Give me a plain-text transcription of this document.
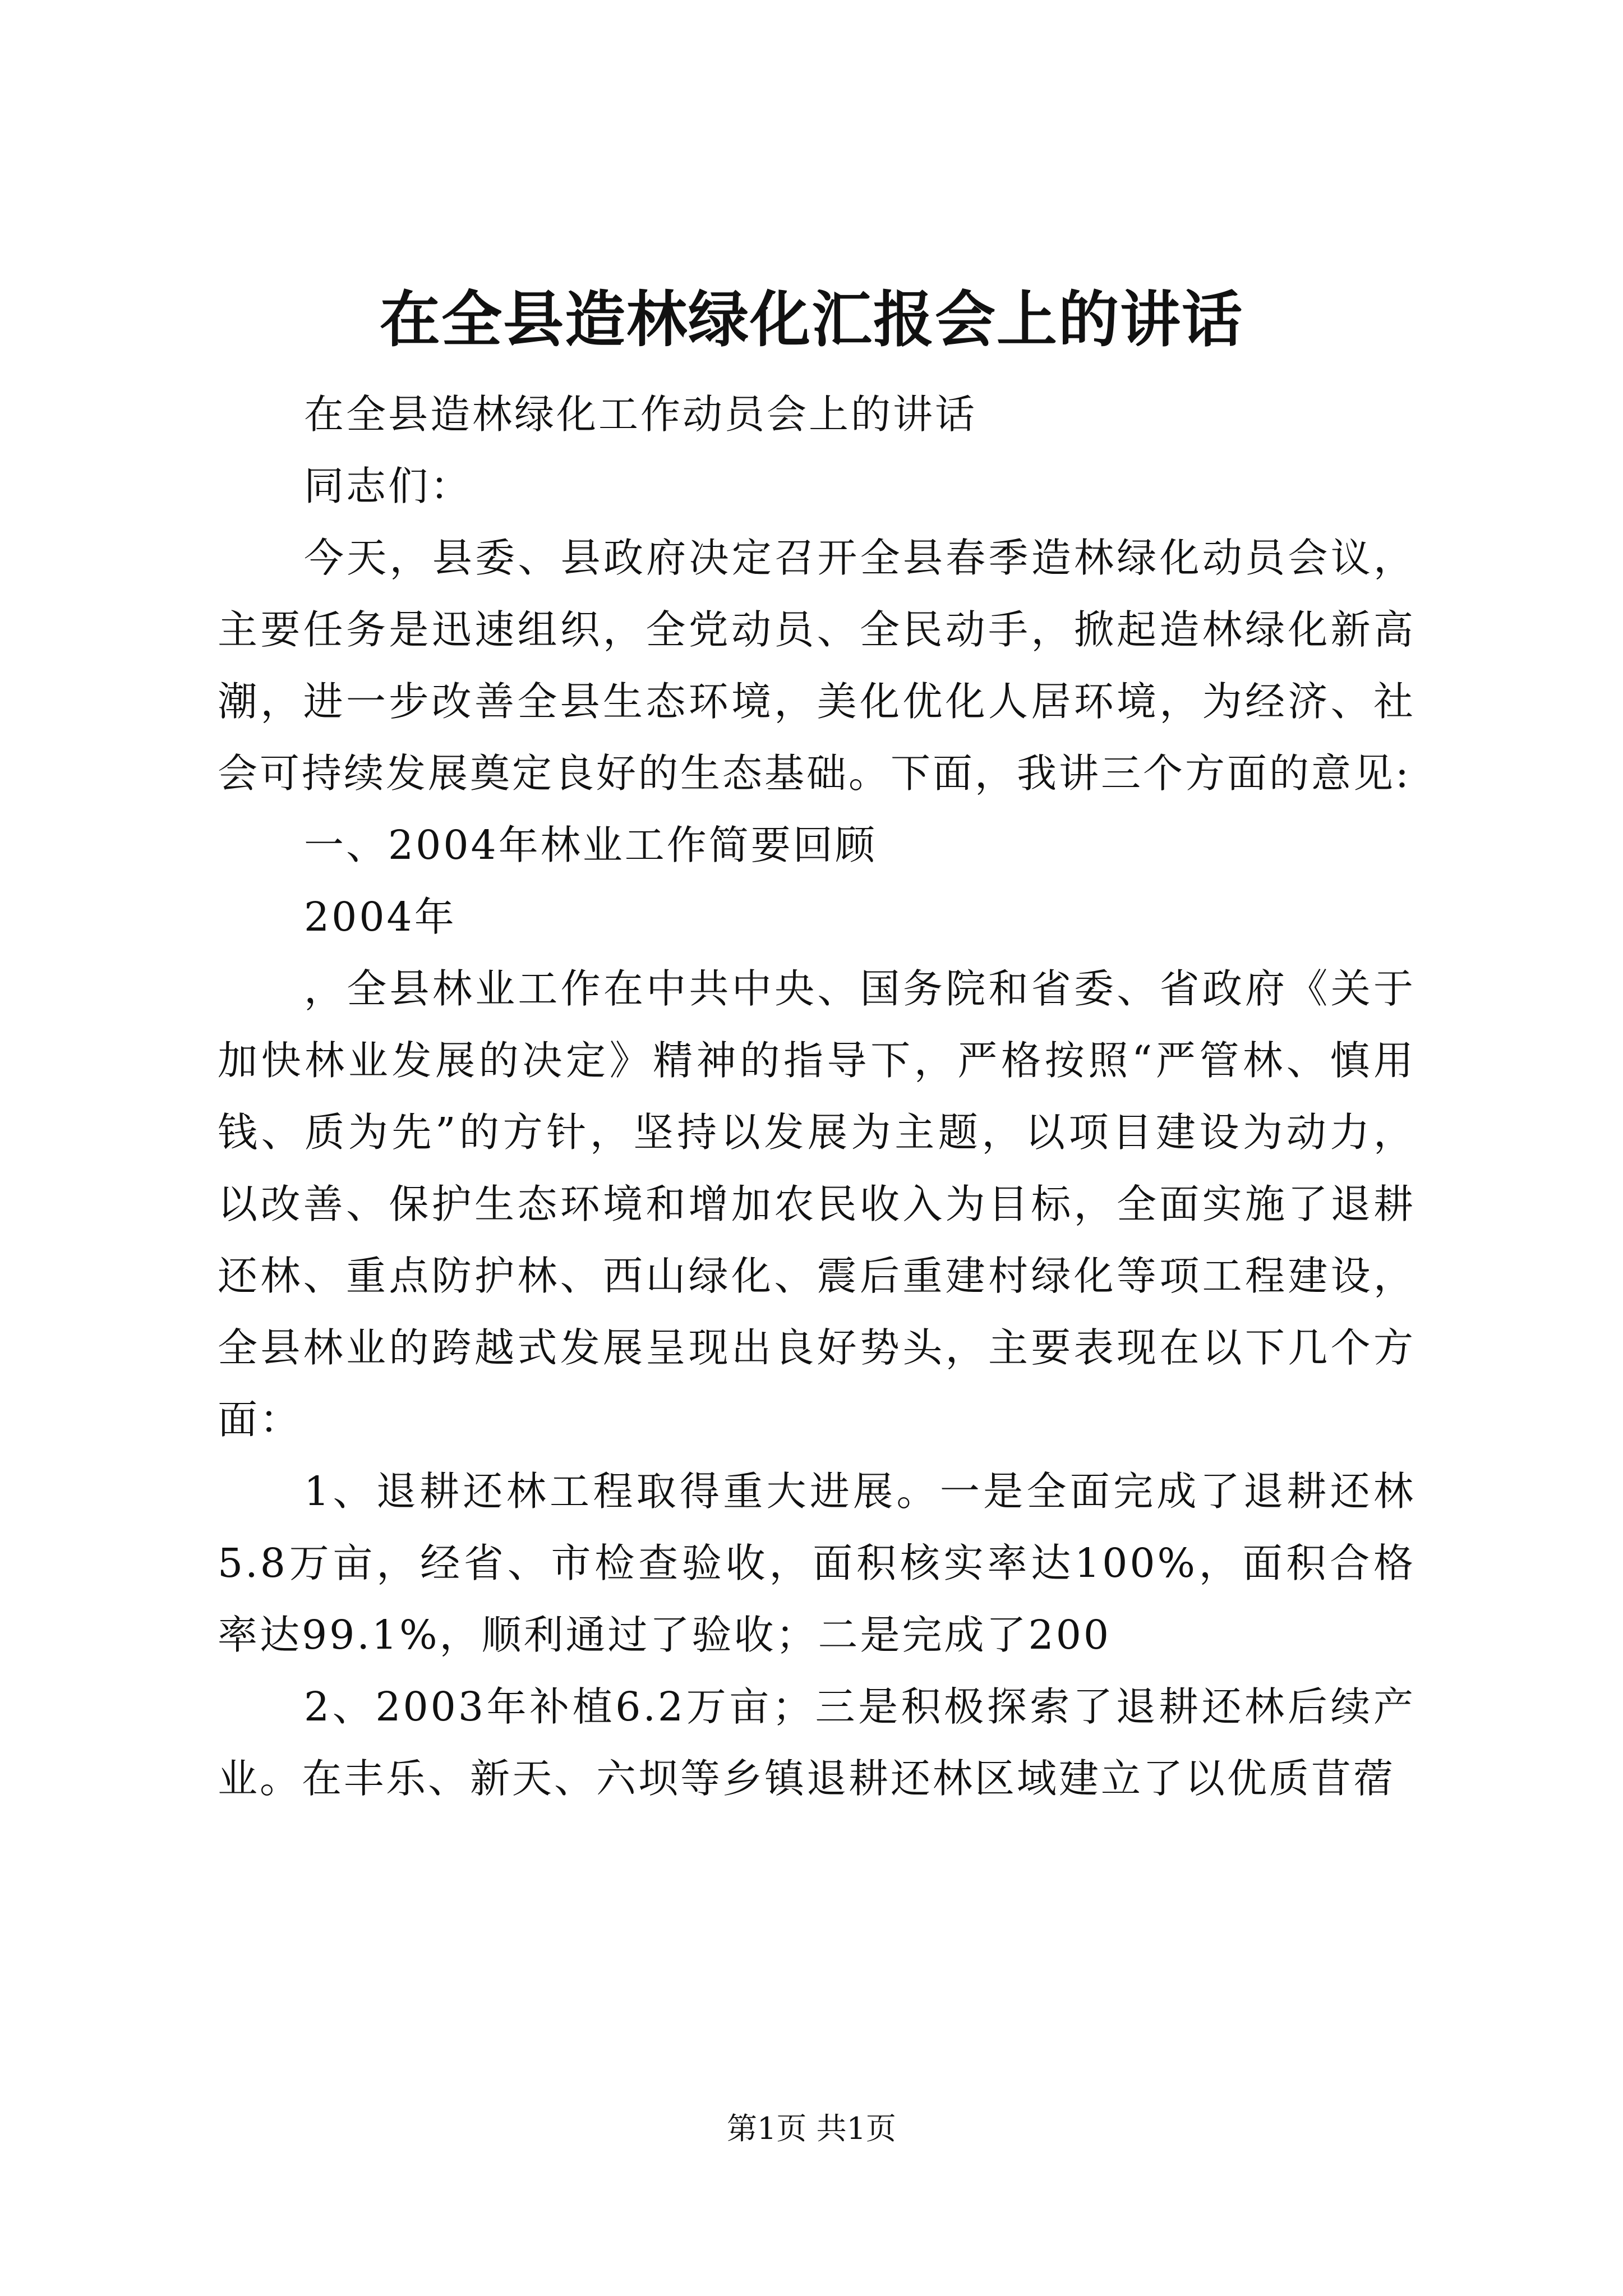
在全县造林绿化汇报会上的讲话

在全县造林绿化工作动员会上的讲话

同志们：

今天，县委、县政府决定召开全县春季造林绿化动员会议，主要任务是迅速组织，全党动员、全民动手，掀起造林绿化新高潮，进一步改善全县生态环境，美化优化人居环境，为经济、社会可持续发展奠定良好的生态基础。下面，我讲三个方面的意见:

一、2004年林业工作简要回顾

2004年

，全县林业工作在中共中央、国务院和省委、省政府《关于加快林业发展的决定》精神的指导下，严格按照“严管林、慎用钱、质为先”的方针，坚持以发展为主题，以项目建设为动力，以改善、保护生态环境和增加农民收入为目标，全面实施了退耕还林、重点防护林、西山绿化、震后重建村绿化等项工程建设，全县林业的跨越式发展呈现出良好势头，主要表现在以下几个方面：

1、退耕还林工程取得重大进展。一是全面完成了退耕还林5.8万亩，经省、市检查验收，面积核实率达100%，面积合格率达99.1%，顺利通过了验收；二是完成了200

2、2003年补植6.2万亩；三是积极探索了退耕还林后续产业。在丰乐、新天、六坝等乡镇退耕还林区域建立了以优质苜蓿

第1页 共1页
